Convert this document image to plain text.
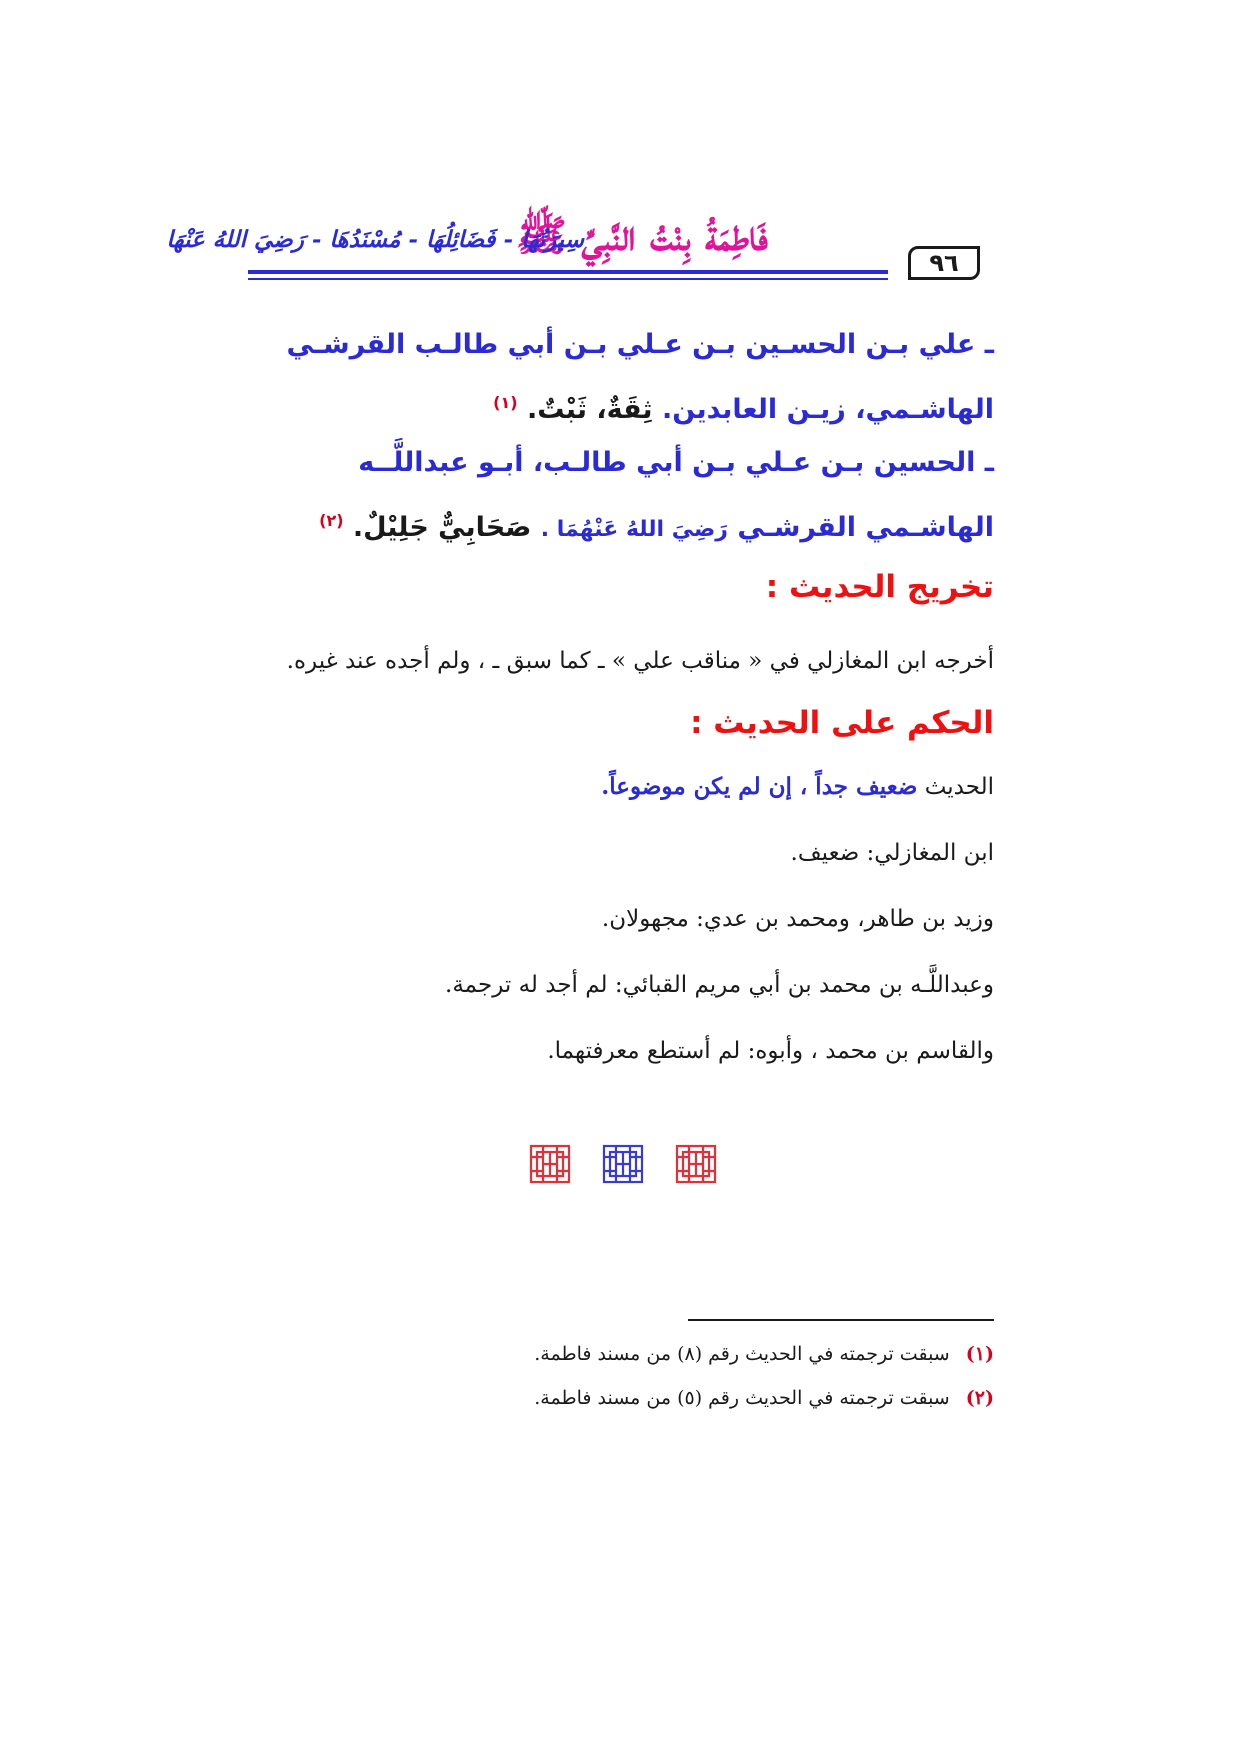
٩٦
فَاطِمَةُ بِنْتُ النَّبِيِّ ﷺ
سِيرَتُهَا - فَضَائِلُهَا - مُسْنَدُهَا - رَضِيَ اللهُ عَنْهَا
ـ علي بـن الحسـين بـن عـلي بـن أبي طالـب القرشـي الهاشـمي، زيـن العابدين. ثِقَةٌ، ثَبْتٌ. $^{(١)}$
ـ الحسين بـن عـلي بـن أبي طالـب، أبـو عبداللَّــه الهاشـمي القرشـي رَضِيَ اللهُ عَنْهُمَا . صَحَابِيٌّ جَلِيْلٌ. $^{(٢)}$
تخريج الحديث :
أخرجه ابن المغازلي في « مناقب علي » ـ كما سبق ـ ، ولم أجده عند غيره.
الحكم على الحديث :
الحديث ضعيف جداً ، إن لم يكن موضوعاً.
ابن المغازلي: ضعيف.
وزيد بن طاهر، ومحمد بن عدي: مجهولان.
وعبداللَّـه بن محمد بن أبي مريم القبائي: لم أجد له ترجمة.
والقاسم بن محمد ، وأبوه: لم أستطع معرفتهما.
(١) سبقت ترجمته في الحديث رقم (٨) من مسند فاطمة.
(٢) سبقت ترجمته في الحديث رقم (٥) من مسند فاطمة.
